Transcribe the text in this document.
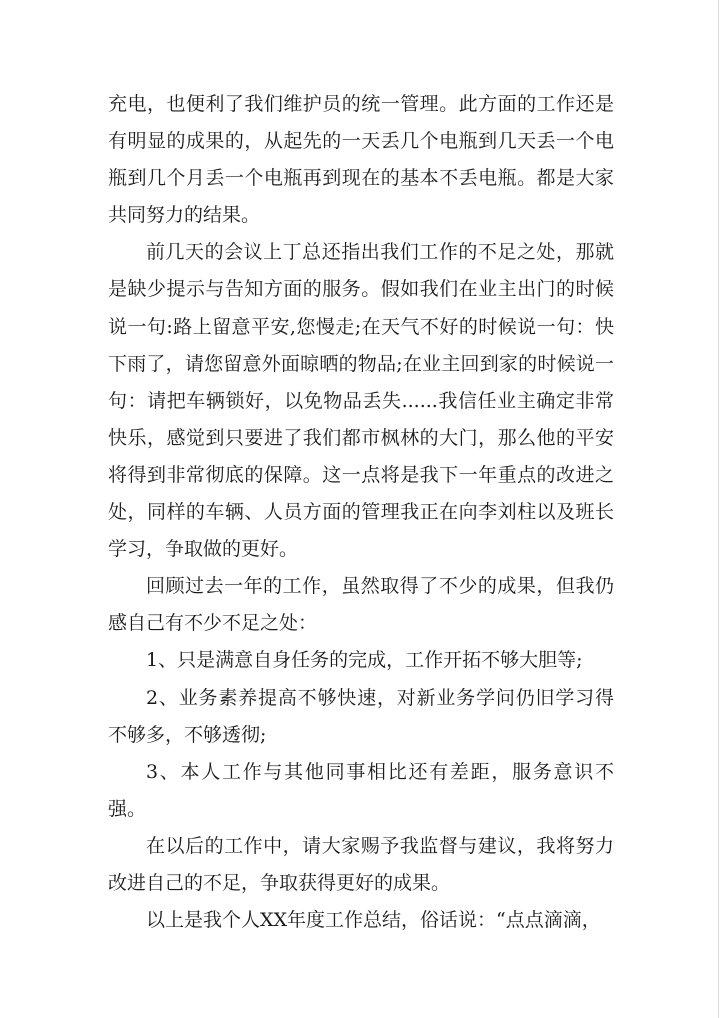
充电，也便利了我们维护员的统一管理。此方面的工作还是有明显的成果的，从起先的一天丢几个电瓶到几天丢一个电瓶到几个月丢一个电瓶再到现在的基本不丢电瓶。都是大家共同努力的结果。

前几天的会议上丁总还指出我们工作的不足之处，那就是缺少提示与告知方面的服务。假如我们在业主出门的时候说一句:路上留意平安,您慢走;在天气不好的时候说一句：快下雨了，请您留意外面晾晒的物品;在业主回到家的时候说一句：请把车辆锁好，以免物品丢失......我信任业主确定非常快乐，感觉到只要进了我们都市枫林的大门，那么他的平安将得到非常彻底的保障。这一点将是我下一年重点的改进之处，同样的车辆、人员方面的管理我正在向李刘柱以及班长学习，争取做的更好。

回顾过去一年的工作，虽然取得了不少的成果，但我仍感自己有不少不足之处：

1、只是满意自身任务的完成，工作开拓不够大胆等;

2、业务素养提高不够快速，对新业务学问仍旧学习得不够多，不够透彻;

3、本人工作与其他同事相比还有差距，服务意识不强。

在以后的工作中，请大家赐予我监督与建议，我将努力改进自己的不足，争取获得更好的成果。

以上是我个人XX年度工作总结，俗话说：“点点滴滴，
